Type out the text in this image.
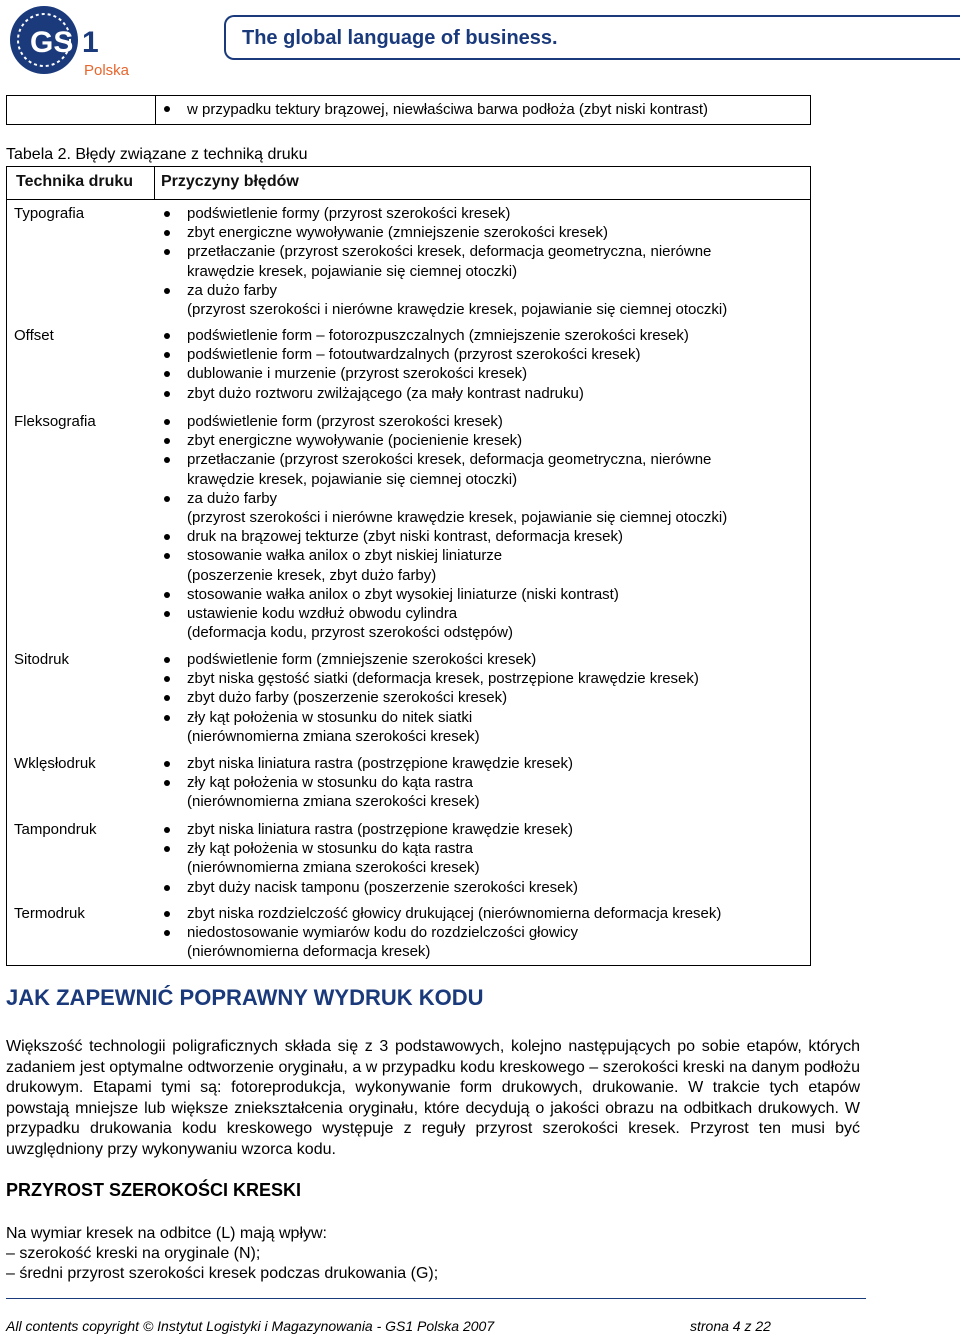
GS 1
Polska
The global language of business.
w przypadku tektury brązowej, niewłaściwa barwa podłoża (zbyt niski kontrast)
Tabela 2. Błędy związane z techniką druku
Technika druku Przyczyny błędów
Typografia	podświetlenie formy (przyrost szerokości kresek)
zbyt energiczne wywoływanie (zmniejszenie szerokości kresek)
przetłaczanie (przyrost szerokości kresek, deformacja geometryczna, nierówne
krawędzie kresek, pojawianie się ciemnej otoczki)
za dużo farby
(przyrost szerokości i nierówne krawędzie kresek, pojawianie się ciemnej otoczki)
Offset	podświetlenie form – fotorozpuszczalnych (zmniejszenie szerokości kresek)
podświetlenie form – fotoutwardzalnych (przyrost szerokości kresek)
dublowanie i murzenie (przyrost szerokości kresek)
zbyt dużo roztworu zwilżającego (za mały kontrast nadruku)
Fleksografia	podświetlenie form (przyrost szerokości kresek)
zbyt energiczne wywoływanie (pocienienie kresek)
przetłaczanie (przyrost szerokości kresek, deformacja geometryczna, nierówne
krawędzie kresek, pojawianie się ciemnej otoczki)
za dużo farby
(przyrost szerokości i nierówne krawędzie kresek, pojawianie się ciemnej otoczki)
druk na brązowej tekturze (zbyt niski kontrast, deformacja kresek)
stosowanie wałka anilox o zbyt niskiej liniaturze
(poszerzenie kresek, zbyt dużo farby)
stosowanie wałka anilox o zbyt wysokiej liniaturze (niski kontrast)
ustawienie kodu wzdłuż obwodu cylindra
(deformacja kodu, przyrost szerokości odstępów)
Sitodruk	podświetlenie form (zmniejszenie szerokości kresek)
zbyt niska gęstość siatki (deformacja kresek, postrzępione krawędzie kresek)
zbyt dużo farby (poszerzenie szerokości kresek)
zły kąt położenia w stosunku do nitek siatki
(nierównomierna zmiana szerokości kresek)
Wklęsłodruk	zbyt niska liniatura rastra (postrzępione krawędzie kresek)
zły kąt położenia w stosunku do kąta rastra
(nierównomierna zmiana szerokości kresek)
Tampondruk	zbyt niska liniatura rastra (postrzępione krawędzie kresek)
zły kąt położenia w stosunku do kąta rastra
(nierównomierna zmiana szerokości kresek)
zbyt duży nacisk tamponu (poszerzenie szerokości kresek)
Termodruk	zbyt niska rozdzielczość głowicy drukującej (nierównomierna deformacja kresek)
niedostosowanie wymiarów kodu do rozdzielczości głowicy
(nierównomierna deformacja kresek)
JAK ZAPEWNIĆ POPRAWNY WYDRUK KODU
Większość technologii poligraficznych składa się z 3 podstawowych, kolejno następujących po sobie etapów, których zadaniem jest optymalne odtworzenie oryginału, a w przypadku kodu kreskowego – szerokości kreski na danym podłożu drukowym. Etapami tymi są: fotoreprodukcja, wykonywanie form drukowych, drukowanie. W trakcie tych etapów powstają mniejsze lub większe zniekształcenia oryginału, które decydują o jakości obrazu na odbitkach drukowych. W przypadku drukowania kodu kreskowego występuje z reguły przyrost szerokości kresek. Przyrost ten musi być uwzględniony przy wykonywaniu wzorca kodu.
PRZYROST SZEROKOŚCI KRESKI
Na wymiar kresek na odbitce (L) mają wpływ:
– szerokość kreski na oryginale (N);
– średni przyrost szerokości kresek podczas drukowania (G);
All contents copyright © Instytut Logistyki i Magazynowania - GS1 Polska 2007	strona 4 z 22
